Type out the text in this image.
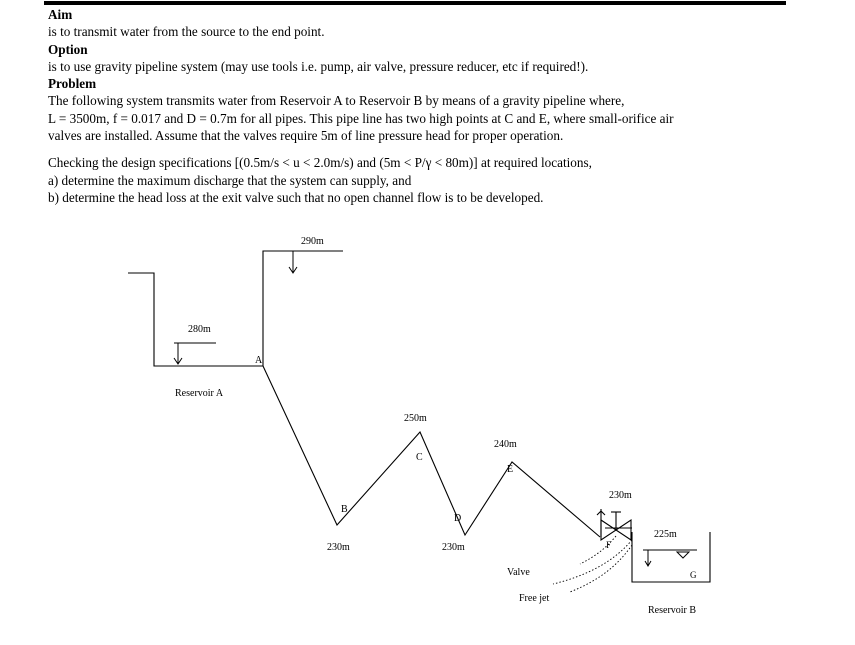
Aim

is to transmit water from the source to the end point.

Option

is to use gravity pipeline system (may use tools i.e. pump, air valve, pressure reducer, etc if required!).

Problem

The following system transmits water from Reservoir A to Reservoir B by means of a gravity pipeline where,

L = 3500m, f = 0.017 and D = 0.7m for all pipes. This pipe line has two high points at C and E, where small-orifice air

valves are installed. Assume that the valves require 5m of line pressure head for proper operation.

Checking the design specifications [(0.5m/s < u < 2.0m/s) and (5m < P/γ < 80m)] at required locations,

a) determine the maximum discharge that the system can supply, and

b) determine the head loss at the exit valve such that no open channel flow is to be developed.

290m
280m
Reservoir A
A
250m
C
240m
E
B
230m
D
230m
230m
F
225m
G
Valve
Free jet
Reservoir B
